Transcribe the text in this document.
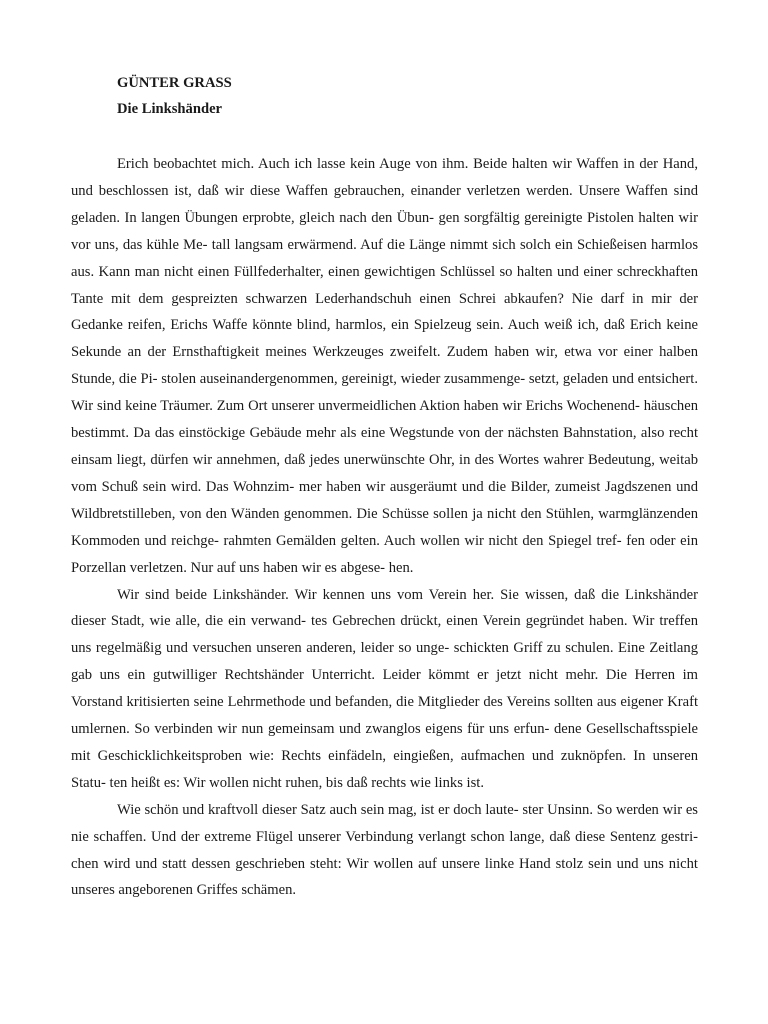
GÜNTER GRASS
Die Linkshänder

Erich beobachtet mich. Auch ich lasse kein Auge von ihm. Beide halten wir Waffen in der Hand, und beschlossen ist, daß wir diese Waffen gebrauchen, einander verletzen werden. Unsere Waffen sind geladen. In langen Übungen erprobte, gleich nach den Übun- gen sorgfältig gereinigte Pistolen halten wir vor uns, das kühle Me- tall langsam erwärmend. Auf die Länge nimmt sich solch ein Schießeisen harmlos aus. Kann man nicht einen Füllfederhalter, einen gewichtigen Schlüssel so halten und einer schreckhaften Tante mit dem gespreizten schwarzen Lederhandschuh einen Schrei abkaufen? Nie darf in mir der Gedanke reifen, Erichs Waffe könnte blind, harmlos, ein Spielzeug sein. Auch weiß ich, daß Erich keine Sekunde an der Ernsthaftigkeit meines Werkzeuges zweifelt. Zudem haben wir, etwa vor einer halben Stunde, die Pi- stolen auseinandergenommen, gereinigt, wieder zusammenge- setzt, geladen und entsichert. Wir sind keine Träumer. Zum Ort unserer unvermeidlichen Aktion haben wir Erichs Wochenend- häuschen bestimmt. Da das einstöckige Gebäude mehr als eine Wegstunde von der nächsten Bahnstation, also recht einsam liegt, dürfen wir annehmen, daß jedes unerwünschte Ohr, in des Wortes wahrer Bedeutung, weitab vom Schuß sein wird. Das Wohnzim- mer haben wir ausgeräumt und die Bilder, zumeist Jagdszenen und Wildbretstilleben, von den Wänden genommen. Die Schüsse sollen ja nicht den Stühlen, warmglänzenden Kommoden und reichge- rahmten Gemälden gelten. Auch wollen wir nicht den Spiegel tref- fen oder ein Porzellan verletzen. Nur auf uns haben wir es abgese- hen.

Wir sind beide Linkshänder. Wir kennen uns vom Verein her. Sie wissen, daß die Linkshänder dieser Stadt, wie alle, die ein verwand- tes Gebrechen drückt, einen Verein gegründet haben. Wir treffen uns regelmäßig und versuchen unseren anderen, leider so unge- schickten Griff zu schulen. Eine Zeitlang gab uns ein gutwilliger Rechtshänder Unterricht. Leider kömmt er jetzt nicht mehr. Die Herren im Vorstand kritisierten seine Lehrmethode und befanden, die Mitglieder des Vereins sollten aus eigener Kraft umlernen. So verbinden wir nun gemeinsam und zwanglos eigens für uns erfun- dene Gesellschaftsspiele mit Geschicklichkeitsproben wie: Rechts einfädeln, eingießen, aufmachen und zuknöpfen. In unseren Statu- ten heißt es: Wir wollen nicht ruhen, bis daß rechts wie links ist.

Wie schön und kraftvoll dieser Satz auch sein mag, ist er doch laute- ster Unsinn. So werden wir es nie schaffen. Und der extreme Flügel unserer Verbindung verlangt schon lange, daß diese Sentenz gestri- chen wird und statt dessen geschrieben steht: Wir wollen auf unsere linke Hand stolz sein und uns nicht unseres angeborenen Griffes schämen.
